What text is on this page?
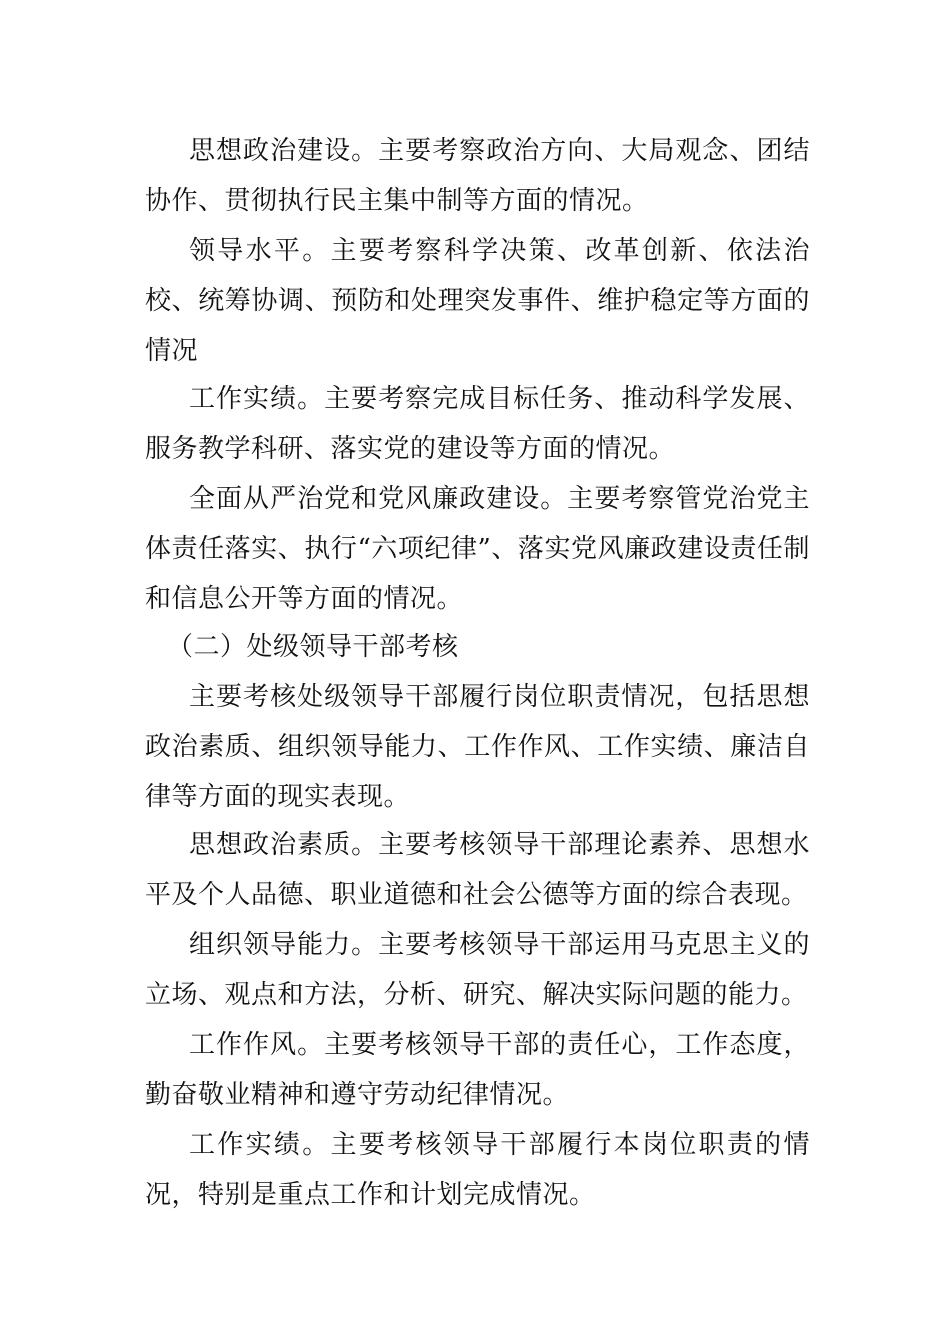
思想政治建设。主要考察政治方向、大局观念、团结协作、贯彻执行民主集中制等方面的情况。

领导水平。主要考察科学决策、改革创新、依法治校、统筹协调、预防和处理突发事件、维护稳定等方面的情况

工作实绩。主要考察完成目标任务、推动科学发展、服务教学科研、落实党的建设等方面的情况。

全面从严治党和党风廉政建设。主要考察管党治党主体责任落实、执行“六项纪律”、落实党风廉政建设责任制和信息公开等方面的情况。

（二）处级领导干部考核

主要考核处级领导干部履行岗位职责情况，包括思想政治素质、组织领导能力、工作作风、工作实绩、廉洁自律等方面的现实表现。

思想政治素质。主要考核领导干部理论素养、思想水平及个人品德、职业道德和社会公德等方面的综合表现。

组织领导能力。主要考核领导干部运用马克思主义的立场、观点和方法，分析、研究、解决实际问题的能力。

工作作风。主要考核领导干部的责任心，工作态度，勤奋敬业精神和遵守劳动纪律情况。

工作实绩。主要考核领导干部履行本岗位职责的情况，特别是重点工作和计划完成情况。
